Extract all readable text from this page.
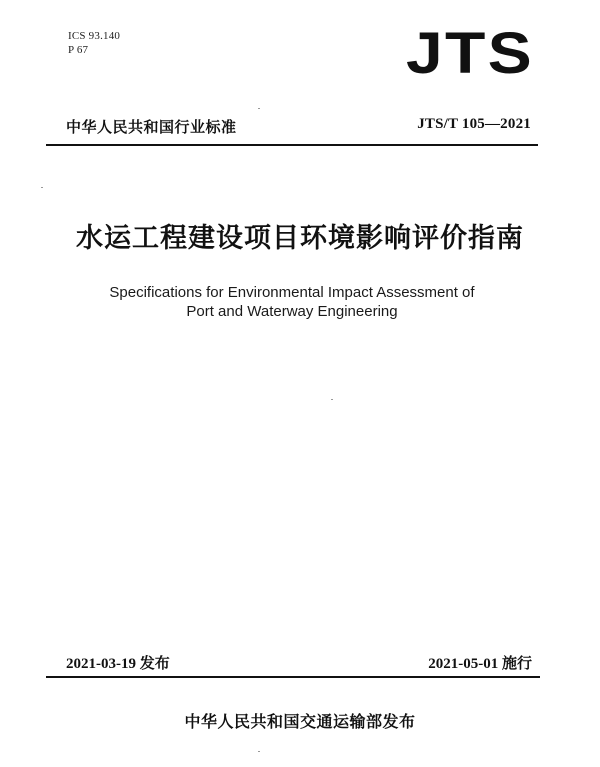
ICS 93.140
P 67	JTS
中华人民共和国行业标准	JTS/T 105—2021
水运工程建设项目环境影响评价指南
Specifications for Environmental Impact Assessment of
Port and Waterway Engineering
2021-03-19 发布	2021-05-01 施行
中华人民共和国交通运输部发布
